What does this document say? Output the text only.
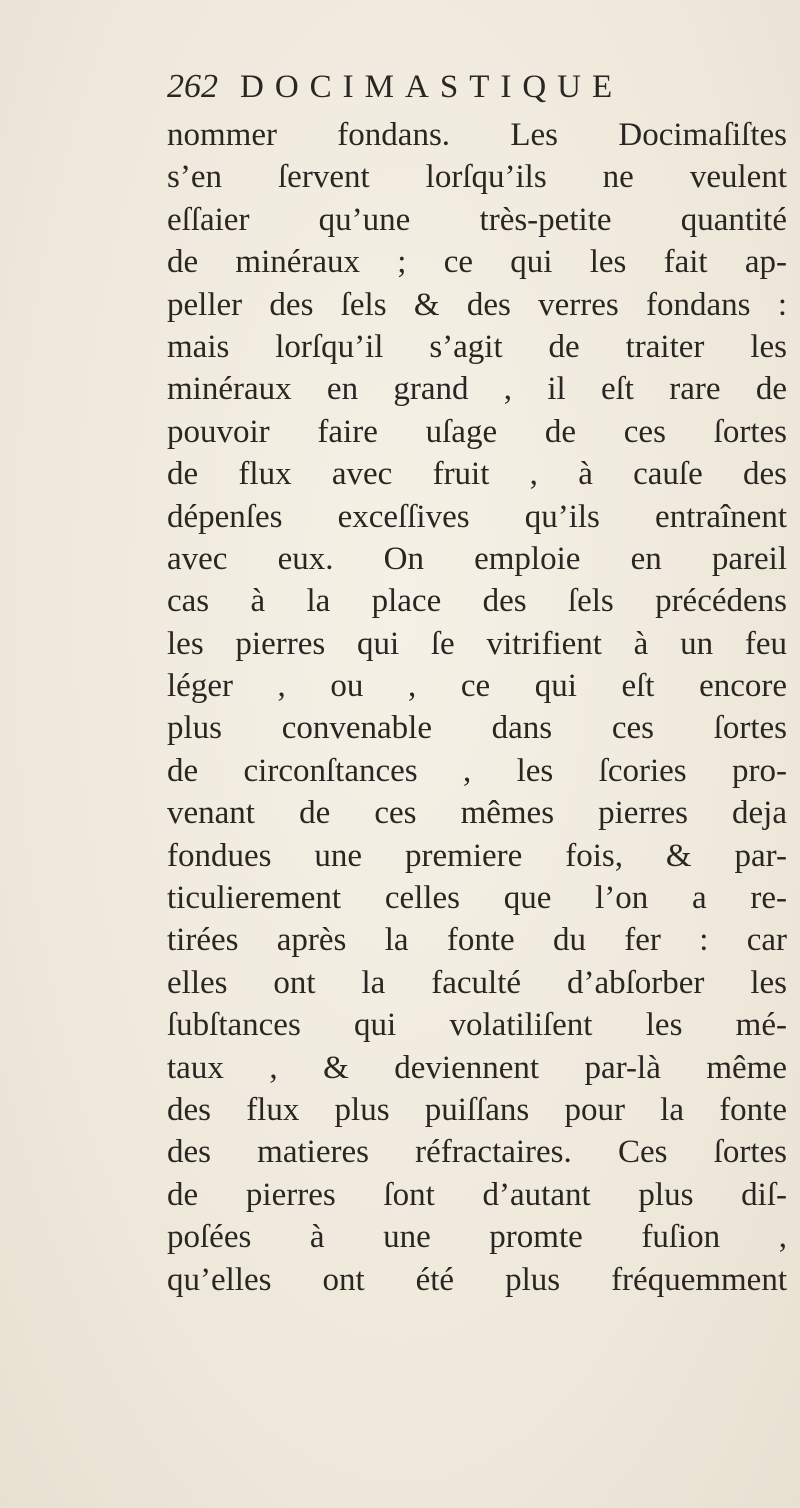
262 DOCIMASTIQUE
nommer fondans. Les Docimaſiſtes
s’en ſervent lorſqu’ils ne veulent
eſſaier qu’une très-petite quantité
de minéraux ; ce qui les fait ap-
peller des ſels & des verres fondans :
mais lorſqu’il s’agit de traiter les
minéraux en grand , il eſt rare de
pouvoir faire uſage de ces ſortes
de flux avec fruit , à cauſe des
dépenſes exceſſives qu’ils entraînent
avec eux. On emploie en pareil
cas à la place des ſels précédens
les pierres qui ſe vitrifient à un feu
léger , ou , ce qui eſt encore
plus convenable dans ces ſortes
de circonſtances , les ſcories pro-
venant de ces mêmes pierres deja
fondues une premiere fois, & par-
ticulierement celles que l’on a re-
tirées après la fonte du fer : car
elles ont la faculté d’abſorber les
ſubſtances qui volatiliſent les mé-
taux , & deviennent par-là même
des flux plus puiſſans pour la fonte
des matieres réfractaires. Ces ſortes
de pierres ſont d’autant plus diſ-
poſées à une promte fuſion ,
qu’elles ont été plus fréquemment
